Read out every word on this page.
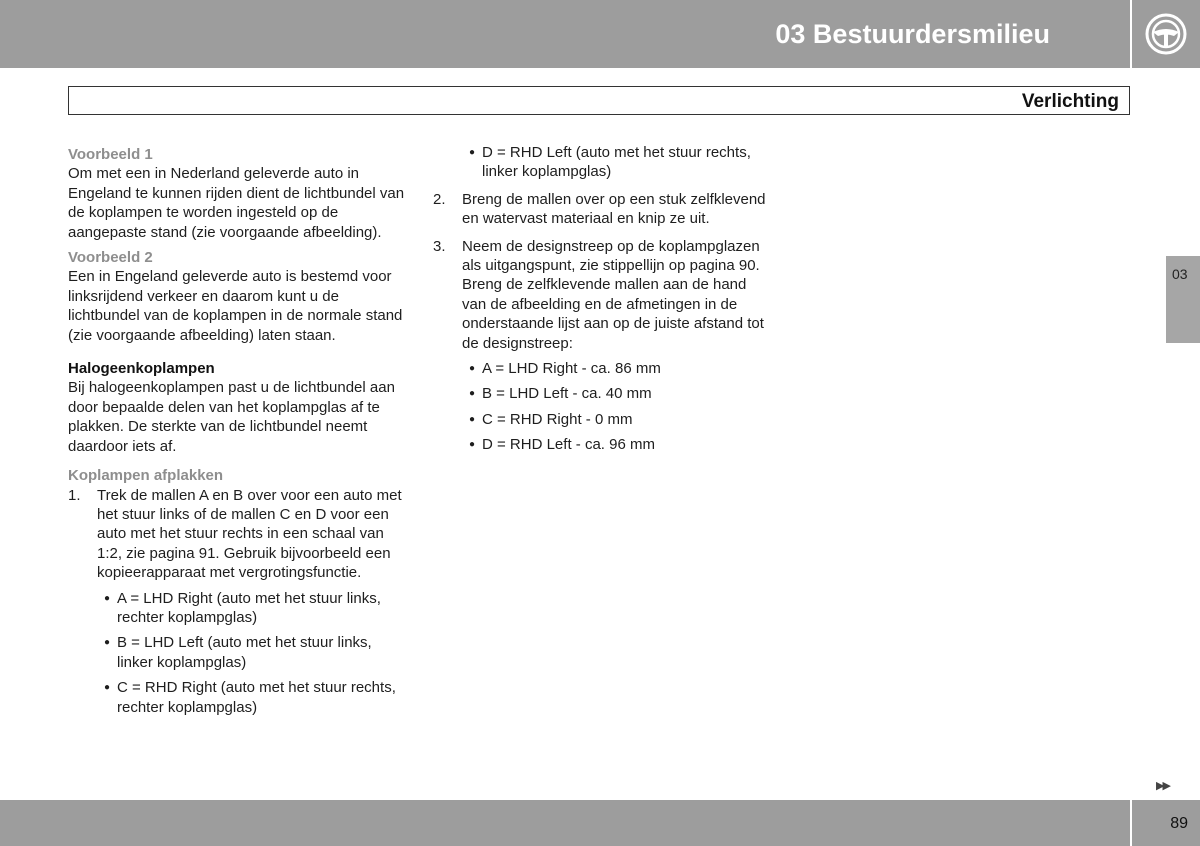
03 Bestuurdersmilieu
Verlichting
03

Voorbeeld 1

Om met een in Nederland geleverde auto in Engeland te kunnen rijden dient de lichtbundel van de koplampen te worden ingesteld op de aangepaste stand (zie voorgaande afbeelding).

Voorbeeld 2

Een in Engeland geleverde auto is bestemd voor linksrijdend verkeer en daarom kunt u de lichtbundel van de koplampen in de normale stand (zie voorgaande afbeelding) laten staan.

Halogeenkoplampen

Bij halogeenkoplampen past u de lichtbundel aan door bepaalde delen van het koplampglas af te plakken. De sterkte van de lichtbundel neemt daardoor iets af.

Koplampen afplakken

1.	Trek de mallen A en B over voor een auto met het stuur links of de mallen C en D voor een auto met het stuur rechts in een schaal van 1:2, zie pagina 91. Gebruik bijvoorbeeld een kopieerapparaat met vergrotingsfunctie.
● A = LHD Right (auto met het stuur links, rechter koplampglas)
● B = LHD Left (auto met het stuur links, linker koplampglas)
● C = RHD Right (auto met het stuur rechts, rechter koplampglas)
● D = RHD Left (auto met het stuur rechts, linker koplampglas)
2.	Breng de mallen over op een stuk zelfklevend en watervast materiaal en knip ze uit.
3.	Neem de designstreep op de koplampglazen als uitgangspunt, zie stippellijn op pagina 90. Breng de zelfklevende mallen aan de hand van de afbeelding en de afmetingen in de onderstaande lijst aan op de juiste afstand tot de designstreep:
● A = LHD Right - ca. 86 mm
● B = LHD Left - ca. 40 mm
● C = RHD Right - 0 mm
● D = RHD Left - ca. 96 mm
▶▶
89
